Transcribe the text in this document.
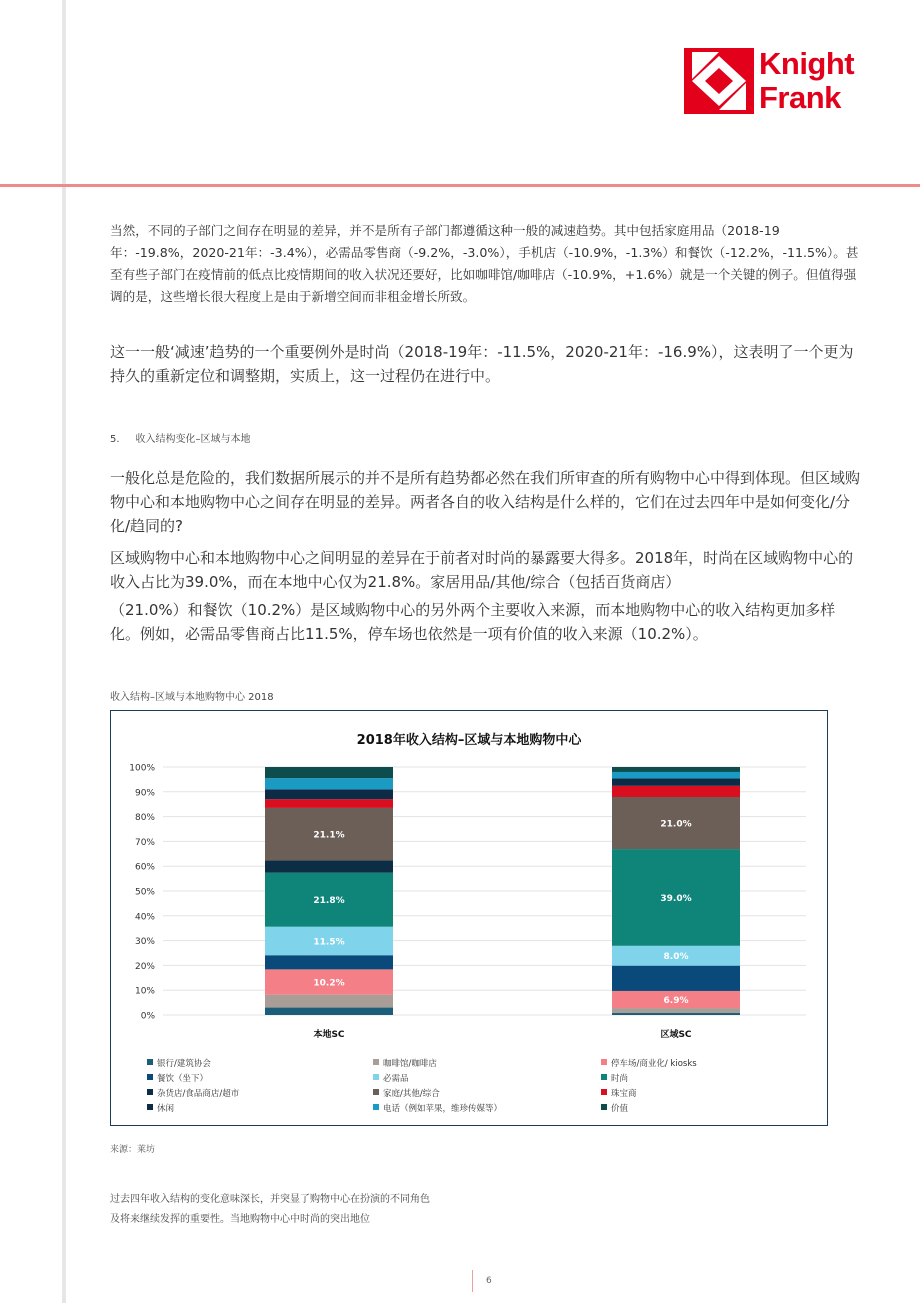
Knight
Frank

当然，不同的子部门之间存在明显的差异，并不是所有子部门都遵循这种一般的减速趋势。其中包括家庭用品（2018-19年：-19.8%，2020-21年：-3.4%），必需品零售商（-9.2%，-3.0%），手机店（-10.9%，-1.3%）和餐饮（-12.2%，-11.5%）。甚至有些子部门在疫情前的低点比疫情期间的收入状况还要好，比如咖啡馆/咖啡店（-10.9%，+1.6%）就是一个关键的例子。但值得强调的是，这些增长很大程度上是由于新增空间而非租金增长所致。

这一一般‘减速’趋势的一个重要例外是时尚（2018-19年：-11.5%，2020-21年：-16.9%），这表明了一个更为持久的重新定位和调整期，实质上，这一过程仍在进行中。

5. 收入结构变化–区域与本地

一般化总是危险的，我们数据所展示的并不是所有趋势都必然在我们所审查的所有购物中心中得到体现。但区域购物中心和本地购物中心之间存在明显的差异。两者各自的收入结构是什么样的，它们在过去四年中是如何变化/分化/趋同的?

区域购物中心和本地购物中心之间明显的差异在于前者对时尚的暴露要大得多。2018年，时尚在区域购物中心的收入占比为39.0%，而在本地中心仅为21.8%。家居用品/其他/综合（包括百货商店）

（21.0%）和餐饮（10.2%）是区域购物中心的另外两个主要收入来源，而本地购物中心的收入结构更加多样化。例如，必需品零售商占比11.5%，停车场也依然是一项有价值的收入来源（10.2%）。

收入结构–区域与本地购物中心 2018
2018年收入结构–区域与本地购物中心
0%
10%
20%
30%
40%
50%
60%
70%
80%
90%
100%
10.2%
11.5%
21.8%
21.1%
本地SC
6.9%
8.0%
39.0%
21.0%
区域SC
银行/建筑协会	咖啡馆/咖啡店	停车场/商业化/ kiosks
餐饮（坐下）	必需品	时尚
杂货店/食品商店/超市	家庭/其他/综合	珠宝商
休闲	电话（例如苹果，维珍传媒等）	价值
来源：莱坊
过去四年收入结构的变化意味深长，并突显了购物中心在扮演的不同角色
及将来继续发挥的重要性。当地购物中心中时尚的突出地位
6
